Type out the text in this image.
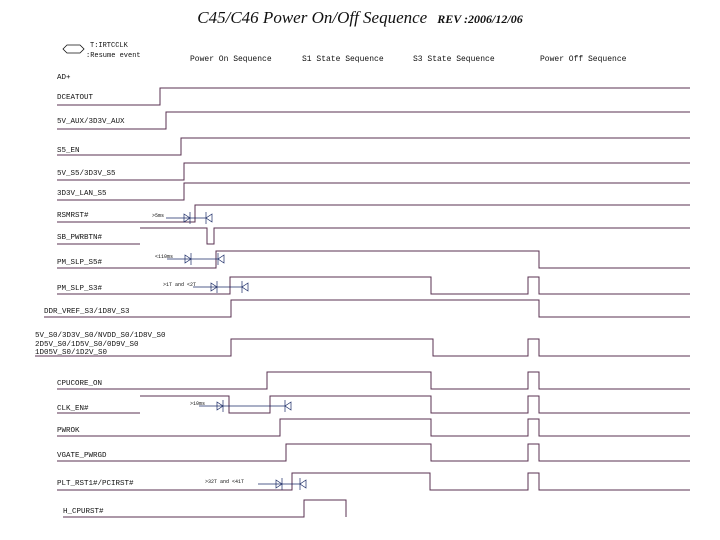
C45/C46 Power On/Off Sequence REV :2006/12/06
T:IRTCCLK
:Resume event	Power On Sequence	S1 State Sequence	S3 State Sequence	Power Off Sequence
AD+
DCEATOUT
5V_AUX/3D3V_AUX
S5_EN
5V_S5/3D3V_S5
3D3V_LAN_S5
RSMRST#
SB_PWRBTN#
PM_SLP_S5#
PM_SLP_S3#
DDR_VREF_S3/1D8V_S3
5V_S0/3D3V_S0/NVDD_S0/1D8V_S0
2D5V_S0/1D5V_S0/0D9V_S0
1D05V_S0/1D2V_S0
CPUCORE_ON
CLK_EN#
PWROK
VGATE_PWRGD
PLT_RST1#/PCIRST#
H_CPURST#
>5ms
<110ms
>1T and <2T
>10ms
>32T and <41T
